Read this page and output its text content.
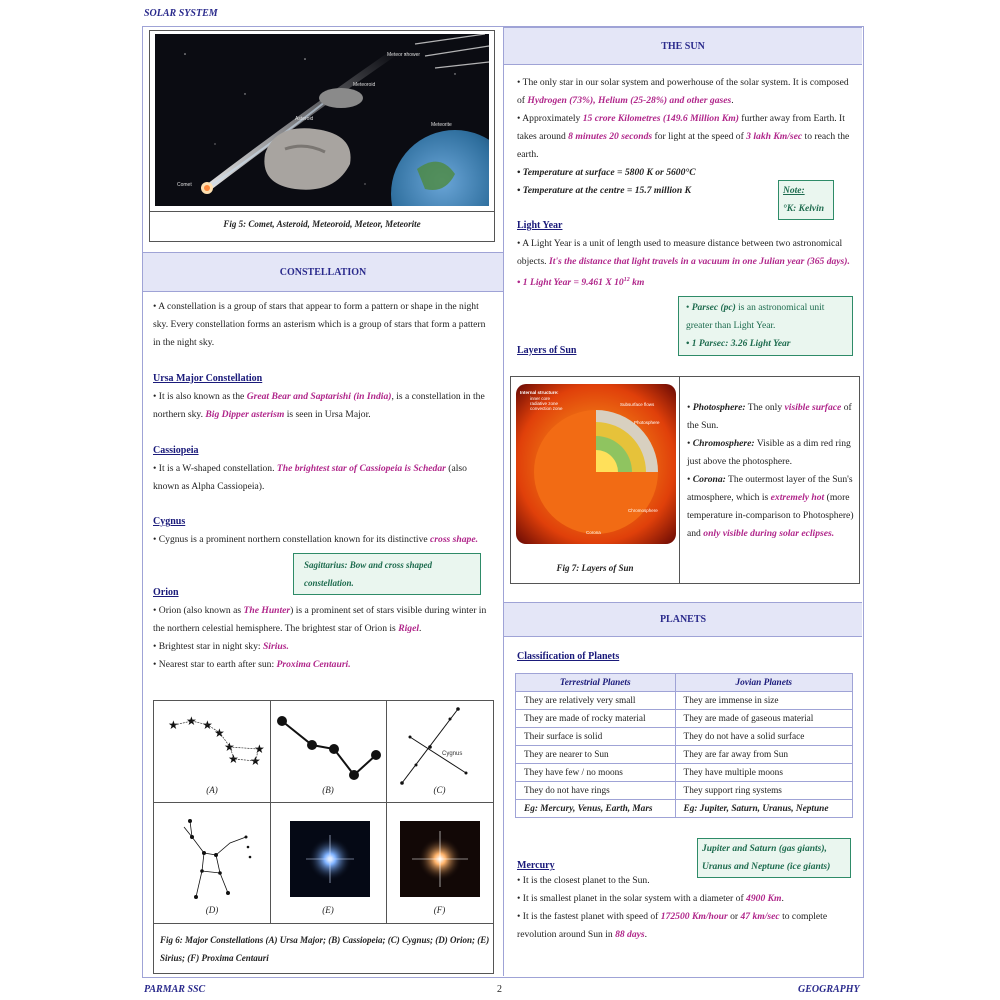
SOLAR SYSTEM
PARMAR SSC	2	GEOGRAPHY
Meteor shower
Meteoroid
Asteroid
Meteorite
Comet
Fig 5: Comet, Asteroid, Meteoroid, Meteor, Meteorite
CONSTELLATION
• A constellation is a group of stars that appear to form a pattern or shape in the night sky. Every constellation forms an asterism which is a group of stars that form a pattern in the night sky.
Ursa Major Constellation
• It is also known as the Great Bear and Saptarishi (in India), is a constellation in the northern sky. Big Dipper asterism is seen in Ursa Major.
Cassiopeia
• It is a W-shaped constellation. The brightest star of Cassiopeia is Schedar (also known as Alpha Cassiopeia).
Cygnus
• Cygnus is a prominent northern constellation known for its distinctive cross shape.
Sagittarius: Bow and cross shaped constellation.
Orion
• Orion (also known as The Hunter) is a prominent set of stars visible during winter in the northern celestial hemisphere. The brightest star of Orion is Rigel.
• Brightest star in night sky: Sirius.
• Nearest star to earth after sun: Proxima Centauri.
★ ★ ★
★
★ ★
★ ★	Cygnus
(A)	(B)	(C)
(D)	(E)	(F)
Fig 6: Major Constellations (A) Ursa Major; (B) Cassiopeia; (C) Cygnus; (D) Orion; (E) Sirius; (F) Proxima Centauri
THE SUN
• The only star in our solar system and powerhouse of the solar system. It is composed of Hydrogen (73%), Helium (25-28%) and other gases.
• Approximately 15 crore Kilometres (149.6 Million Km) further away from Earth. It takes around 8 minutes 20 seconds for light at the speed of 3 lakh Km/sec to reach the earth.
• Temperature at surface = 5800 K or 5600°C
• Temperature at the centre = 15.7 million K	Note:
°K: Kelvin
Light Year
• A Light Year is a unit of length used to measure distance between two astronomical objects. It's the distance that light travels in a vacuum in one Julian year (365 days).
• 1 Light Year = 9.461 X $10^{12}$ km
• Parsec (pc) is an astronomical unit greater than Light Year.
• 1 Parsec: 3.26 Light Year
Layers of Sun
Internal structure:
inner core
radiative zone
convection zone
Subsurface flows
Photosphere
Chromosphere
Corona
Fig 7: Layers of Sun
• Photosphere: The only visible surface of the Sun.
• Chromosphere: Visible as a dim red ring just above the photosphere.
• Corona: The outermost layer of the Sun's atmosphere, which is extremely hot (more temperature in-comparison to Photosphere) and only visible during solar eclipses.
PLANETS
Classification of Planets
Terrestrial Planets	Jovian Planets
They are relatively very small	They are immense in size
They are made of rocky material	They are made of gaseous material
Their surface is solid	They do not have a solid surface
They are nearer to Sun	They are far away from Sun
They have few / no moons	They have multiple moons
They do not have rings	They support ring systems
Eg: Mercury, Venus, Earth, Mars	Eg: Jupiter, Saturn, Uranus, Neptune
Jupiter and Saturn (gas giants), Uranus and Neptune (ice giants)
Mercury
• It is the closest planet to the Sun.
• It is smallest planet in the solar system with a diameter of 4900 Km.
• It is the fastest planet with speed of 172500 Km/hour or 47 km/sec to complete revolution around Sun in 88 days.
